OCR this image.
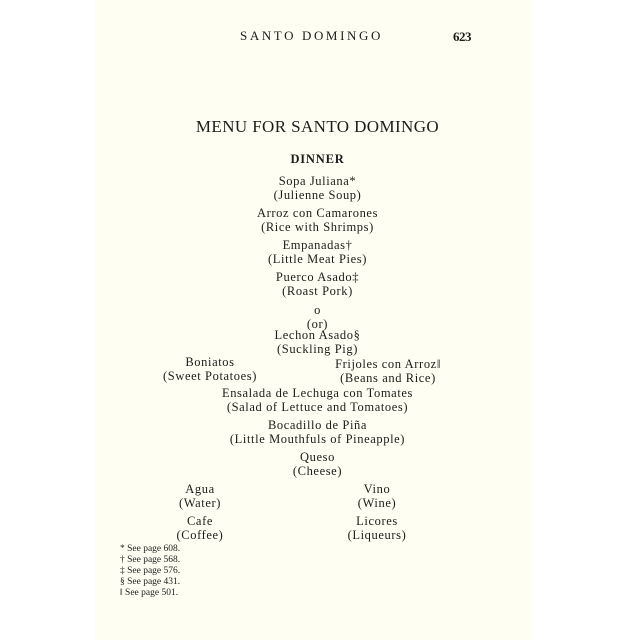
SANTO DOMINGO	623
MENU FOR SANTO DOMINGO
DINNER
Sopa Juliana*
(Julienne Soup)
Arroz con Camarones
(Rice with Shrimps)
Empanadas†
(Little Meat Pies)
Puerco Asado‡
(Roast Pork)
o
(or)
Lechon Asado§
(Suckling Pig)
Boniatos
(Sweet Potatoes)
Frijoles con Arroz‖
(Beans and Rice)
Ensalada de Lechuga con Tomates
(Salad of Lettuce and Tomatoes)
Bocadillo de Piña
(Little Mouthfuls of Pineapple)
Queso
(Cheese)
Agua
(Water)
Vino
(Wine)
Cafe
(Coffee)
Licores
(Liqueurs)
* See page 608.
† See page 568.
‡ See page 576.
§ See page 431.
‖ See page 501.
